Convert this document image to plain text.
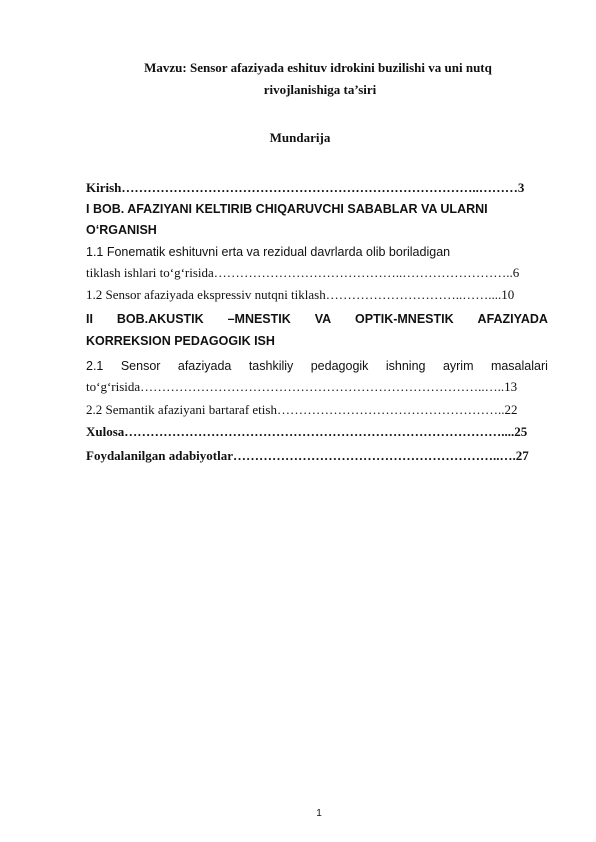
Mavzu: Sensor afaziyada eshituv idrokini buzilishi va uni nutq
rivojlanishiga ta’siri
Mundarija
Kirish………………………………………………………………………..………3
I BOB. AFAZIYANI KELTIRIB CHIQARUVCHI SABABLAR VA ULARNI
O‘RGANISH
1.1 Fonematik eshituvni erta va rezidual davrlarda olib boriladigan
tiklash ishlari to‘g‘risida……………………………………..……………………..6
1.2 Sensor afaziyada ekspressiv nutqni tiklash…………………………..……....10
II BOB.AKUSTIK –MNESTIK VA OPTIK-MNESTIK AFAZIYADA
KORREKSION PEDAGOGIK ISH
2.1 Sensor afaziyada tashkiliy pedagogik ishning ayrim masalalari
to‘g‘risida……………………………………………………………………..…..13
2.2 Semantik afaziyani bartaraf etish……………………………………………..22
Xulosa……………………………………………………………………………....25
Foydalanilgan adabiyotlar……………………………………………………..….27
1
